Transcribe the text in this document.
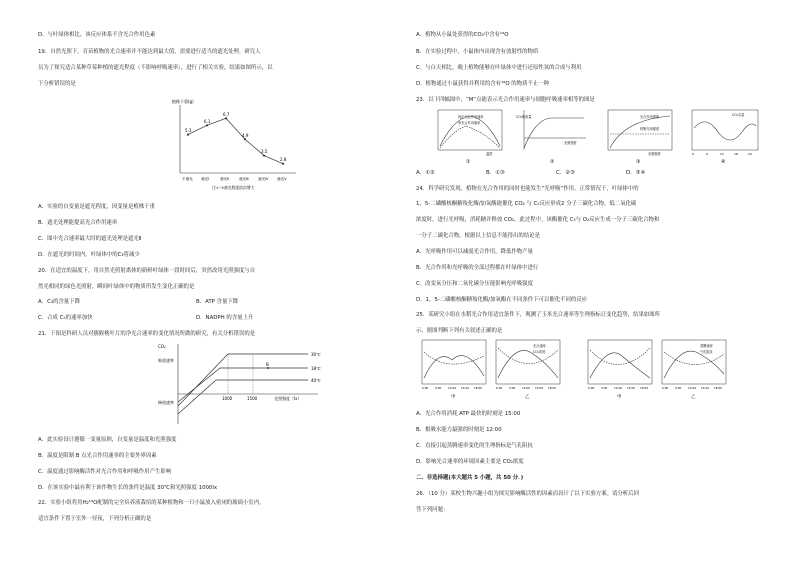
D．与叶绿体相比，该反应体系不含光合作用色素
19．自然光照下，育苗植物的光合速率并不能达到最大值，需要进行适当的遮光处理。研究人
员为了探究适合某种草莓种植的遮光程度（不影响呼吸速率），进行了相关实验，结果如图所示，以
下分析错误的是
植株干重(g)
5.3
6.1
6.7
4.9
3.5
2.8
不遮光 遮光Ⅰ	遮光Ⅱ	遮光Ⅲ	遮光Ⅳ 遮光Ⅴ
注:Ⅰ~Ⅴ遮光程度依次增大
A．实验的自变量是遮光程度，因变量是植株干重
B．遮光处理能提高光合作用速率
C．图中光合速率最大时的遮光处理是遮光Ⅱ
D．在遮光的时间内，叶绿体中的C₃将减少
20．在适宜的温度下，用自然光照射离体的新鲜叶绿体一段时间后，突然改用光照强度与自
然光相同的绿色光照射，瞬间叶绿体中的物质所发生变化正确的是
A．C₃的含量下降	B．ATP 含量下降
C．合成 C₅的速率加快	D．NADPH 的含量上升
21．下图是科研人员对猕猴桃叶片的净光合速率的变化情况所做的研究，有关分析错误的是
CO₂
吸收速率
释放速率
B
30℃
18℃
40℃
1000	1500	光照强度（lx）
A．此实验设计遵循一变量原则，自变量是温度和光照强度
B．温度是限制 B 点光合作用速率的主要外界因素
C．温度通过影响酶活性对光合作用和呼吸作用产生影响
D．在该实验中最有利于该作物生长的条件是温度 30℃和光照强度 1000lx
22．实验小组将用H₂¹⁸O配制的完全培养液栽培的某种植物和一只小鼠放入密闭的玻璃小室内，
适宜条件下置于室外一昼夜，下列分析正确的是
A．植物从小鼠处获得的CO₂中含有¹⁸O
B．在实验过程中，小鼠体内出现含有放射性的物质
C．与白天相比，晚上植物能够在叶绿体中进行还原性氢的合成与利用
D．植物通过小鼠获得并利用的含有¹⁸O 的物质不止一种
23．以下四幅图中，“M”点能表示光合作用速率与细胞呼吸速率相等的图是
真正光合作用速率
净光合作用速率
温度
①
CO₂吸收量
光照强度
②
光合作用强度
呼吸作用强度
光照强度
③
CO₂含量
0	6	12	18	24
④
A．①②	B．①③	C．②③	D．③④
24．科学研究发现，植物在光合作用的同时也能发生“光呼吸”作用。正常情况下，叶绿体中的
1，5-二磷酸核酮糖羧化酶/加氧酶能催化 CO₂ 与 C₅反应形成2 分子三碳化合物。低二氧化碳
浓度时，进行光呼吸，消耗糖并释放 CO₂，此过程中，该酶催化 C₅与 O₂反应生成一分子三碳化合物和
一分子二碳化合物，根据以上信息不能得出的结论是
A．光呼吸作用可以减弱光合作用，降低作物产量
B．光合作用和光呼吸的全部过程都在叶绿体中进行
C．改变氧分压和二氧化碳分压能影响光呼吸强度
D．1，5-二磷酸核酮糖羧化酶/加氧酶在不同条件下可以催化不同的反应
25．某研究小组在水稻光合作用适宜条件下，观测了玉米光合速率等生理指标日变化趋势，结果如图所
示。据图判断下列有关叙述正确的是
光合速率
CO₂浓度
蒸腾速率
气孔阻抗
6:00 9:00 12:00 15:00 18:00	6:00 9:00 12:00 15:00 18:00	6:00 9:00 12:00 15:00 18:00	6:00 9:00 12:00 15:00 18:00
甲	乙	甲	乙
A．光合作用消耗 ATP 最快的时刻是 15:00
B．根吸水能力最强的时刻是 12:00
C．直接引起蒸腾速率变化的生理指标是气孔阻抗
D．影响光合速率的环境因素主要是 CO₂浓度
二、非选择题(本大题共 5 小题，共 50 分．)
26．（10 分）某校生物兴趣小组为探究影响酶活性的因素而设计了以下实验方案。请分析后回
答下列问题：
